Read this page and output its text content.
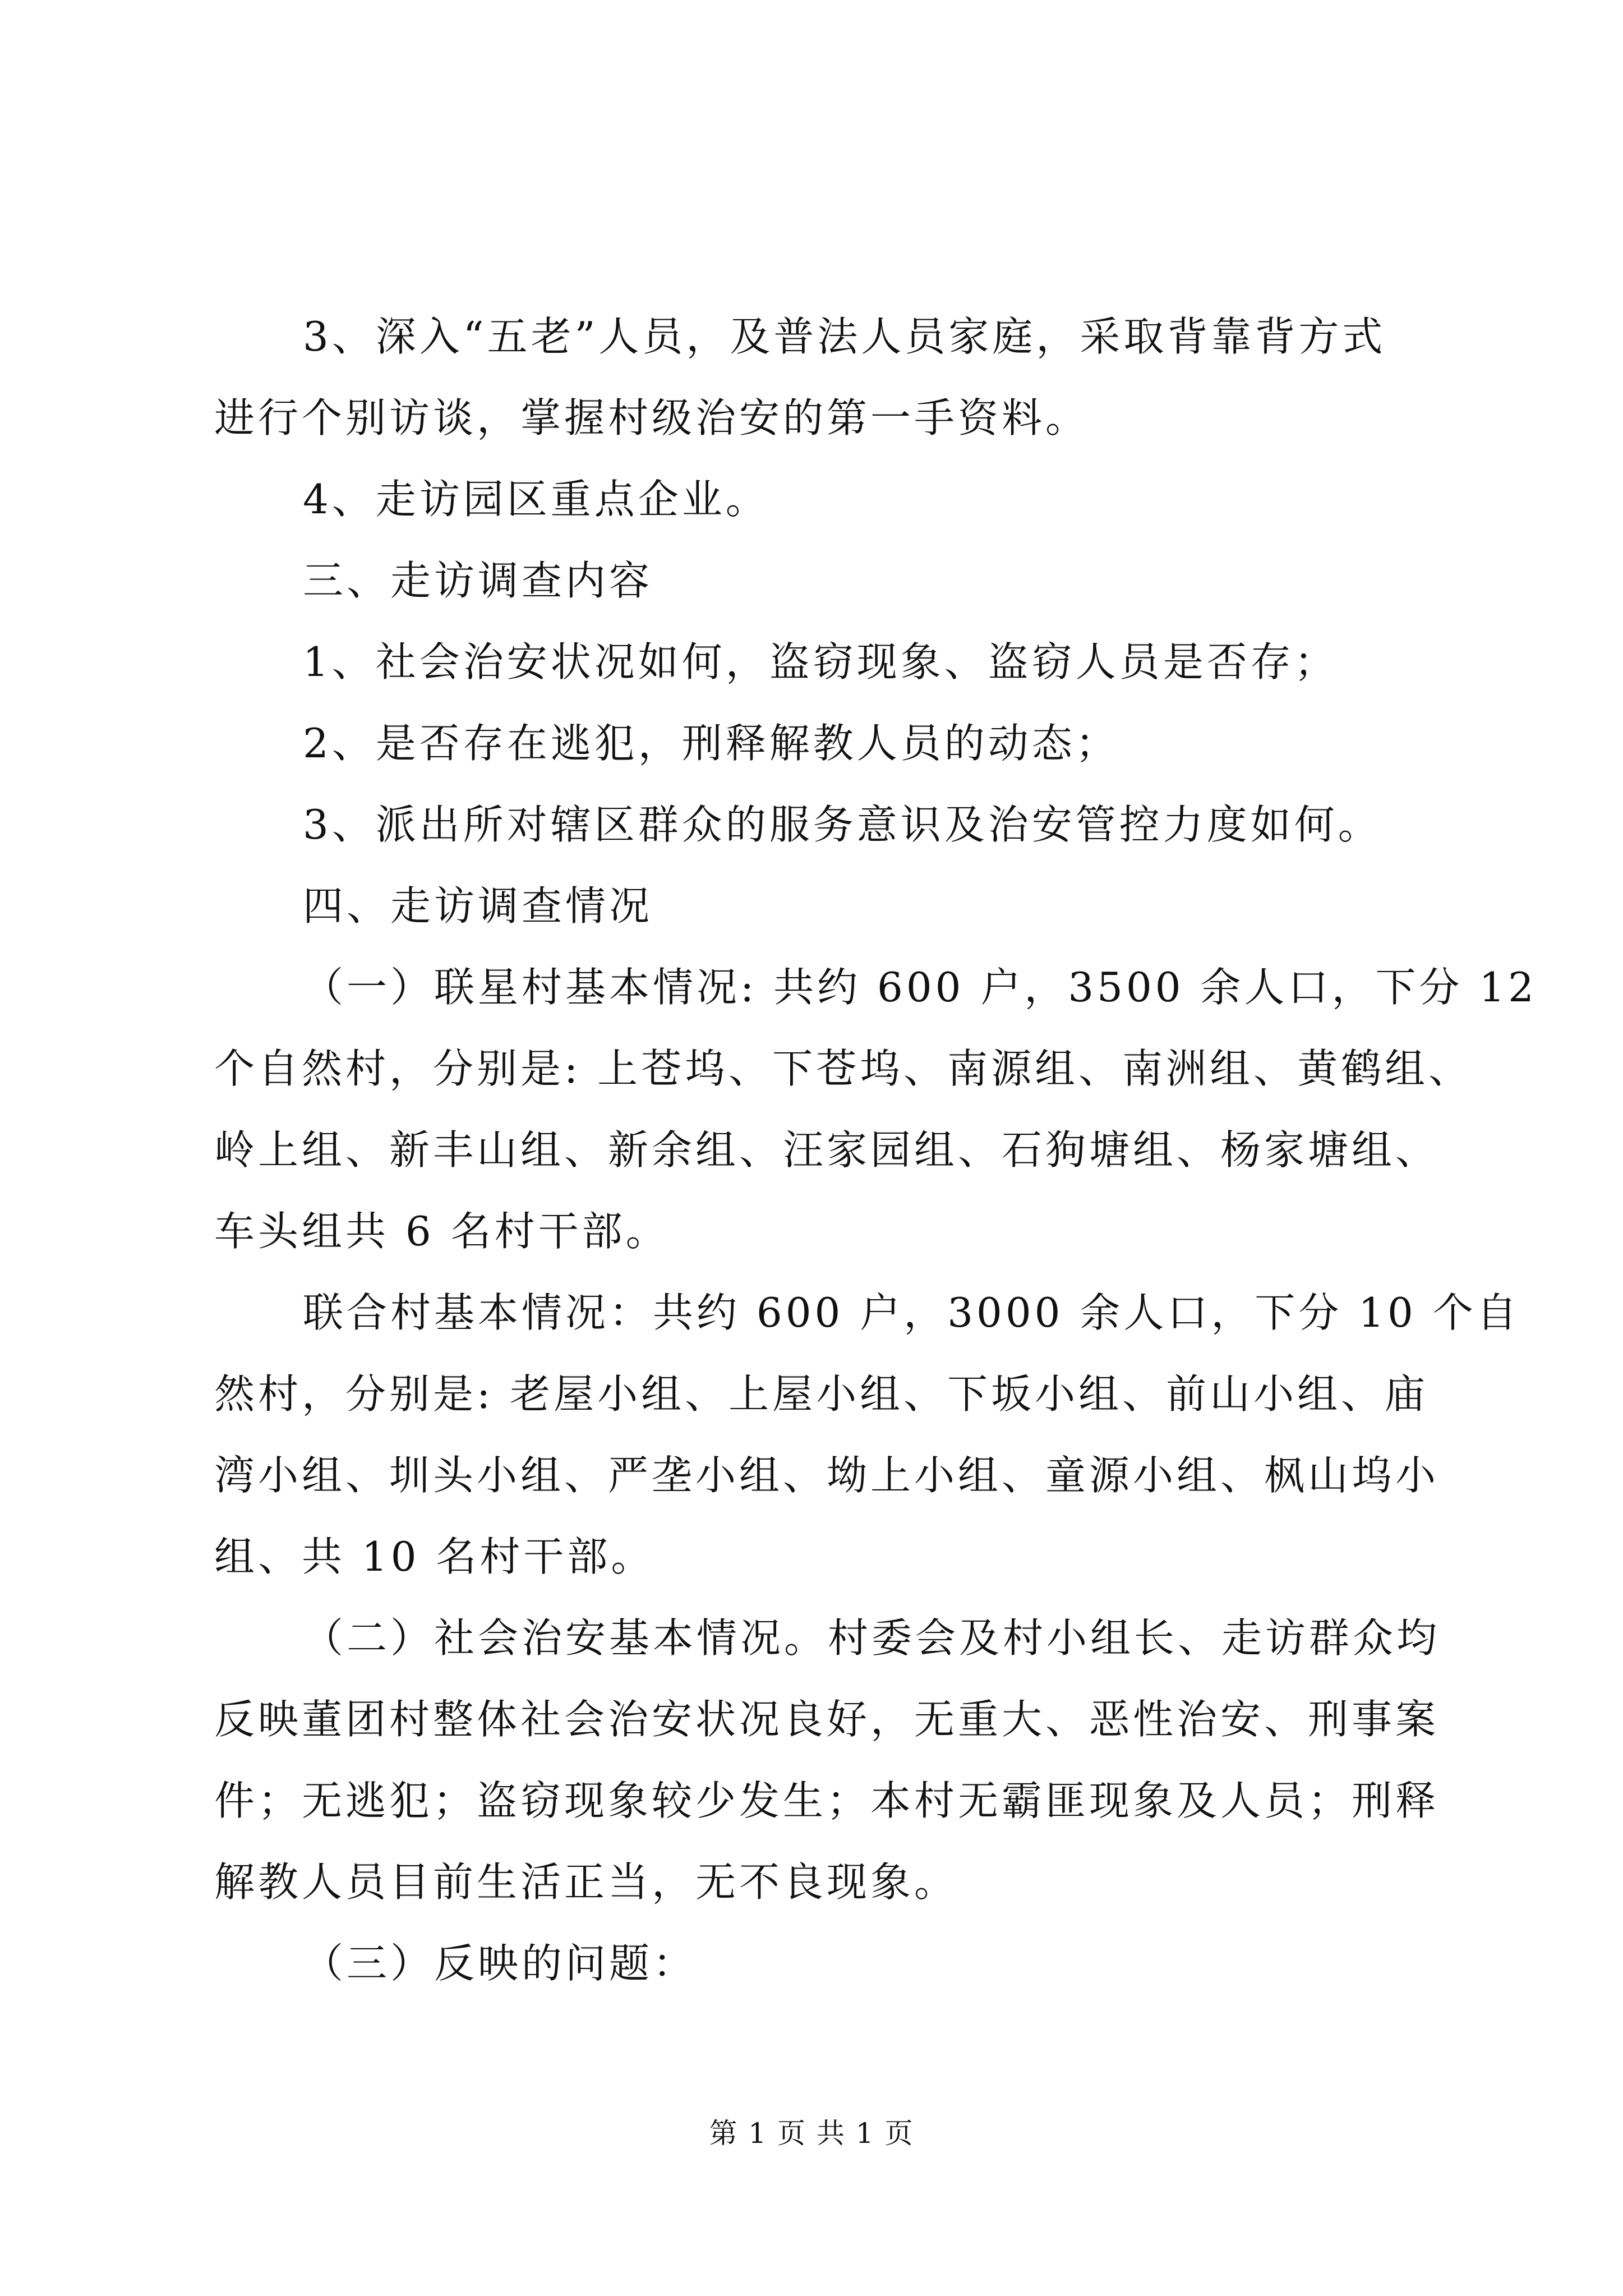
3、深入“五老”人员，及普法人员家庭，采取背靠背方式
进行个别访谈，掌握村级治安的第一手资料。
4、走访园区重点企业。
三、走访调查内容
1、社会治安状况如何，盗窃现象、盗窃人员是否存；
2、是否存在逃犯，刑释解教人员的动态；
3、派出所对辖区群众的服务意识及治安管控力度如何。
四、走访调查情况
（一）联星村基本情况: 共约 600 户，3500 余人口，下分 12
个自然村，分别是: 上苍坞、下苍坞、南源组、南洲组、黄鹤组、
岭上组、新丰山组、新余组、汪家园组、石狗塘组、杨家塘组、
车头组共 6 名村干部。
联合村基本情况：共约 600 户，3000 余人口，下分 10 个自
然村，分别是: 老屋小组、上屋小组、下坂小组、前山小组、庙
湾小组、圳头小组、严垄小组、坳上小组、童源小组、枫山坞小
组、共 10 名村干部。
（二）社会治安基本情况。村委会及村小组长、走访群众均
反映董团村整体社会治安状况良好，无重大、恶性治安、刑事案
件；无逃犯；盗窃现象较少发生；本村无霸匪现象及人员；刑释
解教人员目前生活正当，无不良现象。
（三）反映的问题：
第 1 页 共 1 页
